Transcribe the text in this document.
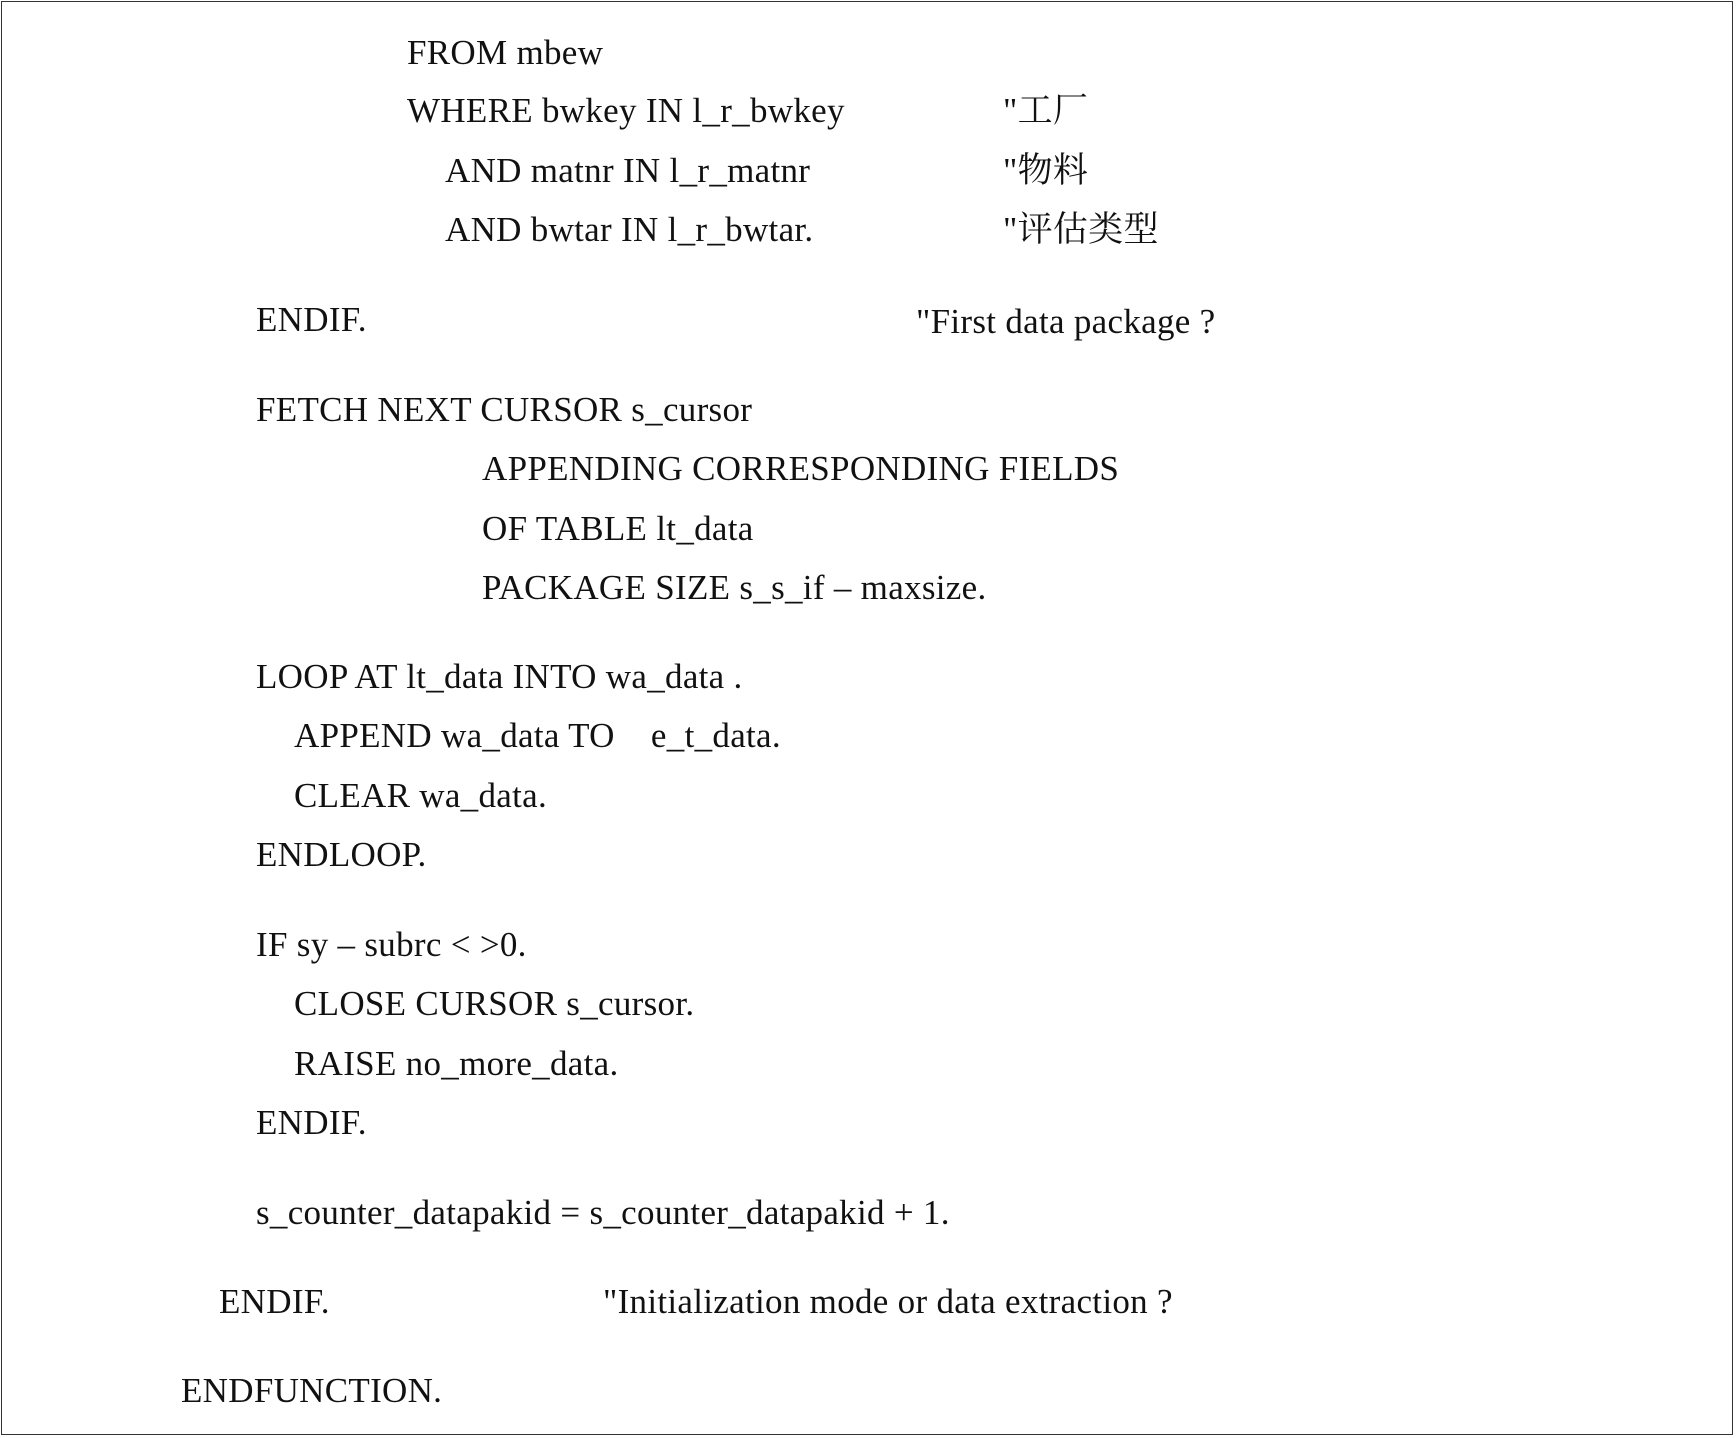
FROM mbew

"工厂

WHERE bwkey IN l_r_bwkey

AND matnr IN l_r_matnr	"物料

AND bwtar IN l_r_bwtar.	"评估类型

ENDIF.	"First data package ?

FETCH NEXT CURSOR s_cursor

APPENDING CORRESPONDING FIELDS

OF TABLE lt_data

PACKAGE SIZE s_s_if – maxsize.

LOOP AT lt_data INTO wa_data .

APPEND wa_data TO    e_t_data.

CLEAR wa_data.

ENDLOOP.

IF sy – subrc < >0.

CLOSE CURSOR s_cursor.

RAISE no_more_data.

ENDIF.

s_counter_datapakid = s_counter_datapakid + 1.

ENDIF.	"Initialization mode or data extraction ?

ENDFUNCTION.
